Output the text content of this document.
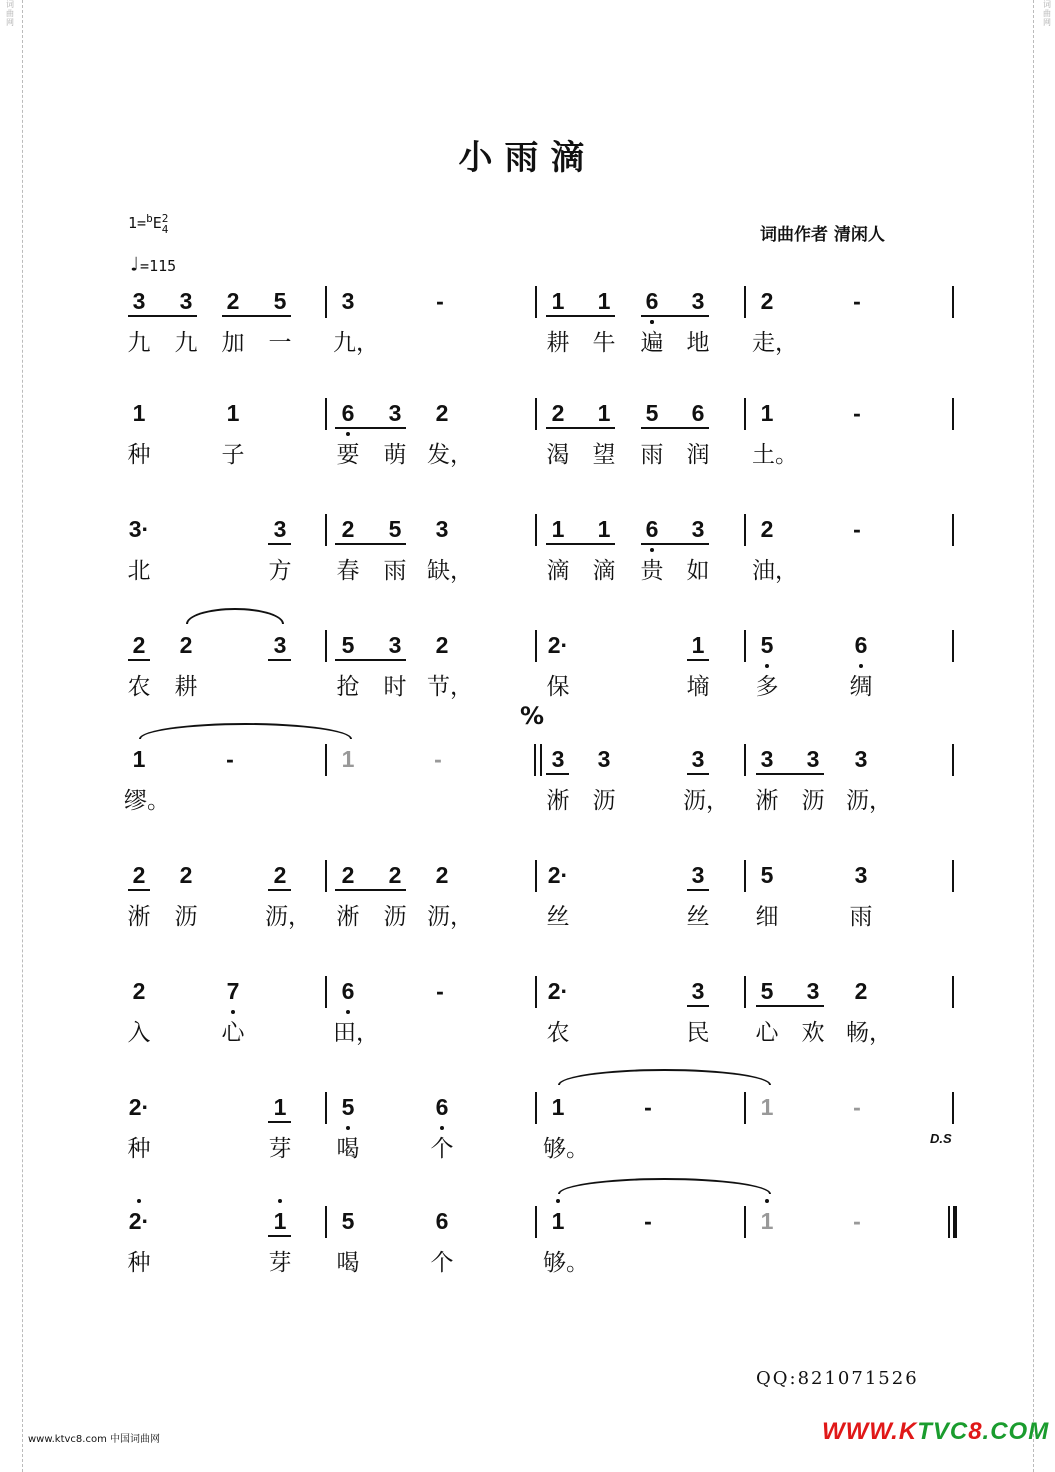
词曲网
词曲网
小雨滴
1=$^b$E2
4
♩=115
词曲作者 清闲人
3 3 2 5 3	-	1 1 6 3 2	-
九 九 加 一 九，	耕 牛 遍 地 走，
1	1	6 3 2	2 1 5 6 1	-
种	子	要 萌 发，	渴 望 雨 润 土。
3·	3 2 5 3	1 1 6 3 2	-
北	方 春 雨 缺，	滴 滴 贵 如 油，
2 2	3 5 3 2	2·	1 5	6
农 耕	抢 时 节，	保	墒 多	绸
1	-	1	-	3 3	3 3 3 3
缪。	淅 沥	沥， 淅 沥 沥，
2 2	2 2 2 2	2·	3 5	3
淅 沥	沥， 淅 沥 沥，	丝	丝 细	雨
2	7	6	-	2·	3 5 3 2
入	心	田，	农	民 心 欢 畅，
2·	1 5	6	1	-	1	-
种	芽 喝	个	够。
2·	1 5	6	1	-	1	-
种	芽 喝	个	够。
%
D.S
QQ:821071526
www.ktvc8.com 中国词曲网	WWW.KTVC8.COM
